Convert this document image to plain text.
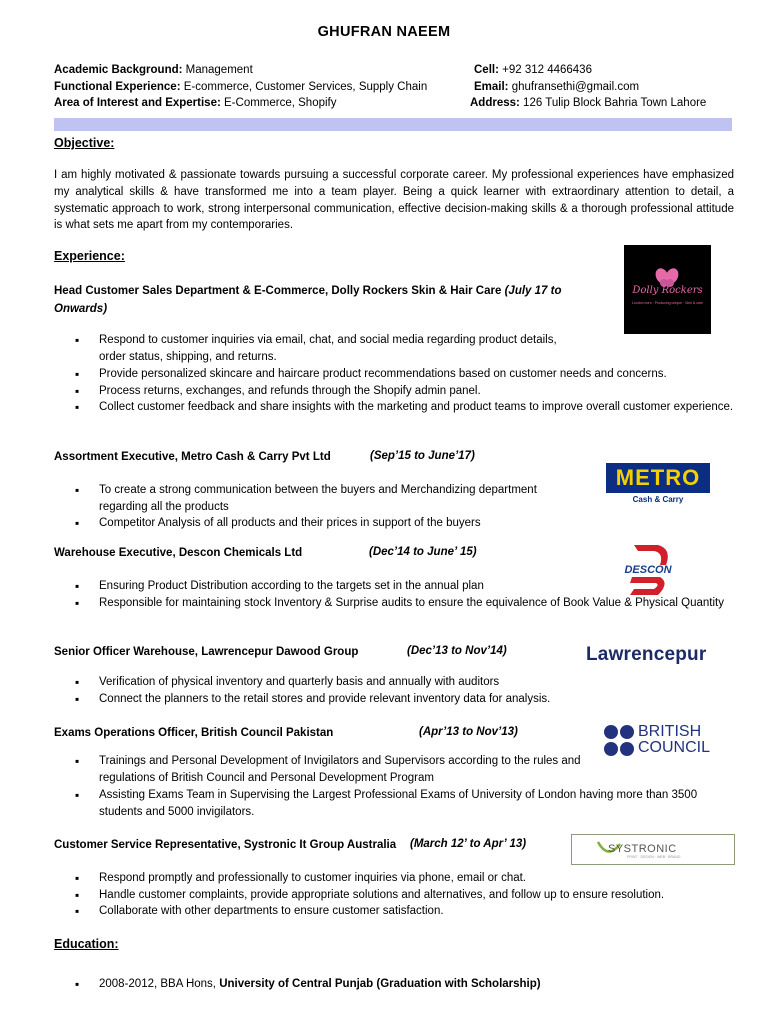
GHUFRAN NAEEM
Academic Background: Management
Functional Experience: E-commerce, Customer Services, Supply Chain
Area of Interest and Expertise: E-Commerce, Shopify
Cell: +92 312 4466436
Email: ghufransethi@gmail.com
Address: 126 Tulip Block Bahria Town Lahore
Objective:
I am highly motivated & passionate towards pursuing a successful corporate career. My professional experiences have emphasized my analytical skills & have transformed me into a team player. Being a quick learner with extraordinary attention to detail, a systematic approach to work, strong interpersonal communication, effective decision-making skills & a thorough professional attitude is what sets me apart from my contemporaries.
Experience:
Head Customer Sales Department & E-Commerce, Dolly Rockers Skin & Hair Care (July 17 to Onwards)
▪ Respond to customer inquiries via email, chat, and social media regarding product details, order status, shipping, and returns.
▪ Provide personalized skincare and haircare product recommendations based on customer needs and concerns.
▪ Process returns, exchanges, and refunds through the Shopify admin panel.
▪ Collect customer feedback and share insights with the marketing and product teams to improve overall customer experience.
Assortment Executive, Metro Cash & Carry Pvt Ltd	(Sep’15 to June’17)
▪ To create a strong communication between the buyers and Merchandizing department regarding all the products
▪ Competitor Analysis of all products and their prices in support of the buyers
Warehouse Executive, Descon Chemicals Ltd	(Dec’14 to June’ 15)
▪ Ensuring Product Distribution according to the targets set in the annual plan
▪ Responsible for maintaining stock Inventory & Surprise audits to ensure the equivalence of Book Value & Physical Quantity
Senior Officer Warehouse, Lawrencepur Dawood Group	(Dec’13 to Nov’14)
▪ Verification of physical inventory and quarterly basis and annually with auditors
▪ Connect the planners to the retail stores and provide relevant inventory data for analysis.
Exams Operations Officer, British Council Pakistan	(Apr’13 to Nov’13)
▪ Trainings and Personal Development of Invigilators and Supervisors according to the rules and regulations of British Council and Personal Development Program
▪ Assisting Exams Team in Supervising the Largest Professional Exams of University of London having more than 3500 students and 5000 invigilators.
Customer Service Representative, Systronic It Group Australia (March 12’ to Apr’ 13)
▪ Respond promptly and professionally to customer inquiries via phone, email or chat.
▪ Handle customer complaints, provide appropriate solutions and alternatives, and follow up to ensure resolution.
▪ Collaborate with other departments to ensure customer satisfaction.
Education:
▪ 2008-2012, BBA Hons, University of Central Punjab (Graduation with Scholarship)
Dolly Rockers
London born · Producing unique · Skin & care
METRO
Cash & Carry
DESCON
Lawrencepur
BRITISH
COUNCIL
SYSTRONIC
PRINT · DESIGN · WEB · BRAND
